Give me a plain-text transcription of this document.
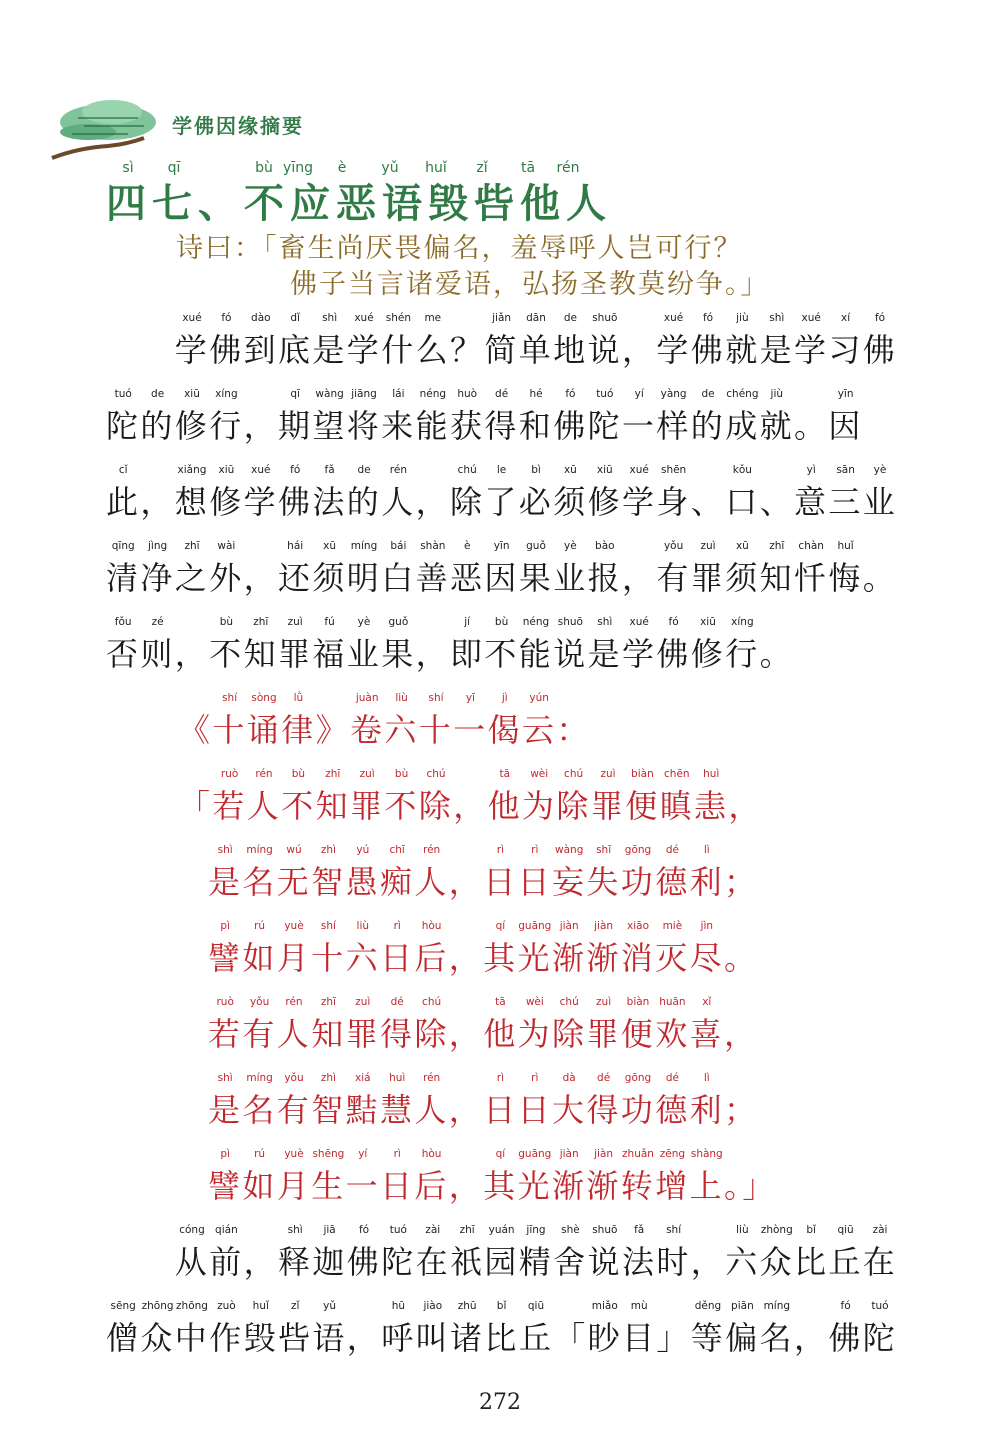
学佛因缘摘要
sì	qī	bù yīng	è	yǔ	huǐ	zǐ	tā	rén
四七、不应恶语毁呰他人
诗曰：「畜生尚厌畏偏名，羞辱呼人岂可行？
佛子当言诸爱语，弘扬圣教莫纷争。」
xué	fó	dào	dǐ	shì	xué	shén	me	jiǎn	dān	de	shuō	xué	fó	jiù	shì	xué	xí	fó
　　学佛到底是学什么？简单地说，学佛就是学习佛
tuó	de	xiū	xíng	qī	wàng jiāng	lái	néng	huò	dé	hé	fó	tuó	yí	yàng	de	chéng	jiù	yīn
陀的修行，期望将来能获得和佛陀一样的成就。因
cǐ	xiǎng	xiū	xué	fó	fǎ	de	rén	chú	le	bì	xū	xiū	xué	shēn	kǒu	yì	sān	yè
此，想修学佛法的人，除了必须修学身、口、意三业
qīng	jìng	zhī	wài	hái	xū	míng	bái	shàn	è	yīn	guǒ	yè	bào	yǒu	zuì	xū	zhī	chàn	huǐ
清净之外，还须明白善恶因果业报，有罪须知忏悔。
fǒu	zé	bù	zhī	zuì	fú	yè	guǒ	jí	bù	néng shuō	shì	xué	fó	xiū	xíng
否则，不知罪福业果，即不能说是学佛修行。
shí	sòng	lǜ	juàn	liù	shí	yī	jì	yún
《十诵律》卷六十一偈云：
ruò	rén	bù	zhī	zuì	bù	chú	tā	wèi	chú	zuì	biàn chēn	huì
「若人不知罪不除，他为除罪便瞋恚，
shì	míng	wú	zhì	yú	chī	rén	rì	rì	wàng	shī	gōng	dé	lì
是名无智愚痴人，日日妄失功德利；
pì	rú	yuè	shí	liù	rì	hòu	qí	guāng jiàn	jiàn	xiāo	miè	jìn
譬如月十六日后，其光渐渐消灭尽。
ruò	yǒu	rén	zhī	zuì	dé	chú	tā	wèi	chú	zuì	biàn huān	xǐ
若有人知罪得除，他为除罪便欢喜，
shì	míng	yǒu	zhì	xiá	huì	rén	rì	rì	dà	dé	gōng	dé	lì
是名有智黠慧人，日日大得功德利；
pì	rú	yuè shēng	yí	rì	hòu	qí	guāng jiàn	jiàn zhuǎn zēng shàng
譬如月生一日后，其光渐渐转增上。」
cóng qián	shì	jiā	fó	tuó	zài	zhī	yuán	jīng	shè	shuō	fǎ	shí	liù	zhòng	bǐ	qiū	zài
　　从前，释迦佛陀在祇园精舍说法时，六众比丘在
sēng zhōng zhōng zuò	huǐ	zǐ	yǔ	hū	jiào	zhū	bǐ	qiū	miǎo	mù	děng piān míng	fó	tuó
僧众中作毁呰语，呼叫诸比丘「眇目」等偏名，佛陀
272
